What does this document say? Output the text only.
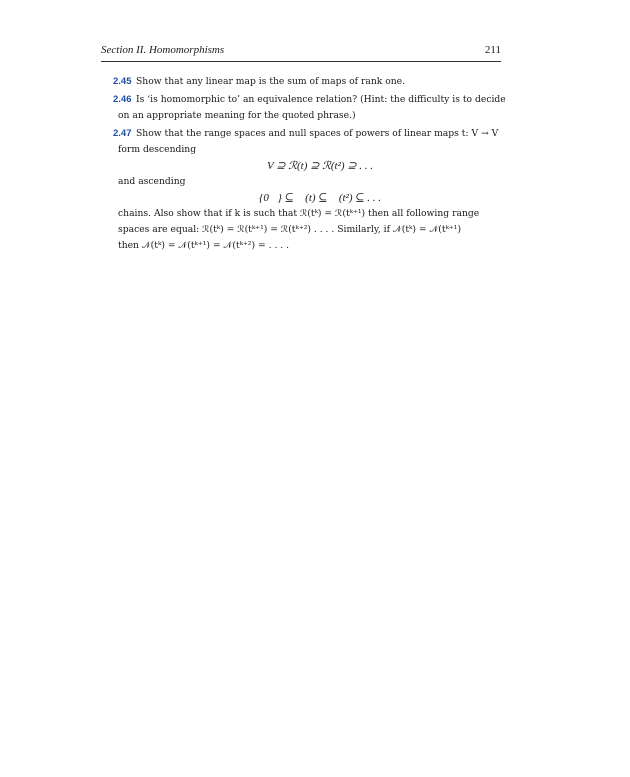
Section II. Homomorphisms	211
2.45 Show that any linear map is the sum of maps of rank one.
2.46 Is ‘is homomorphic to’ an equivalence relation? (Hint: the difficulty is to decide
on an appropriate meaning for the quoted phrase.)
2.47 Show that the range spaces and null spaces of powers of linear maps t: V → V
form descending
V ⊇ ℛ(t) ⊇ ℛ(t²) ⊇ . . .
and ascending
{0⃗} ⊆ 𝒩(t) ⊆ 𝒩(t²) ⊆ . . .
chains. Also show that if k is such that ℛ(tᵏ) = ℛ(tᵏ⁺¹) then all following range
spaces are equal: ℛ(tᵏ) = ℛ(tᵏ⁺¹) = ℛ(tᵏ⁺²) . . . . Similarly, if 𝒩(tᵏ) = 𝒩(tᵏ⁺¹)
then 𝒩(tᵏ) = 𝒩(tᵏ⁺¹) = 𝒩(tᵏ⁺²) = . . . .
